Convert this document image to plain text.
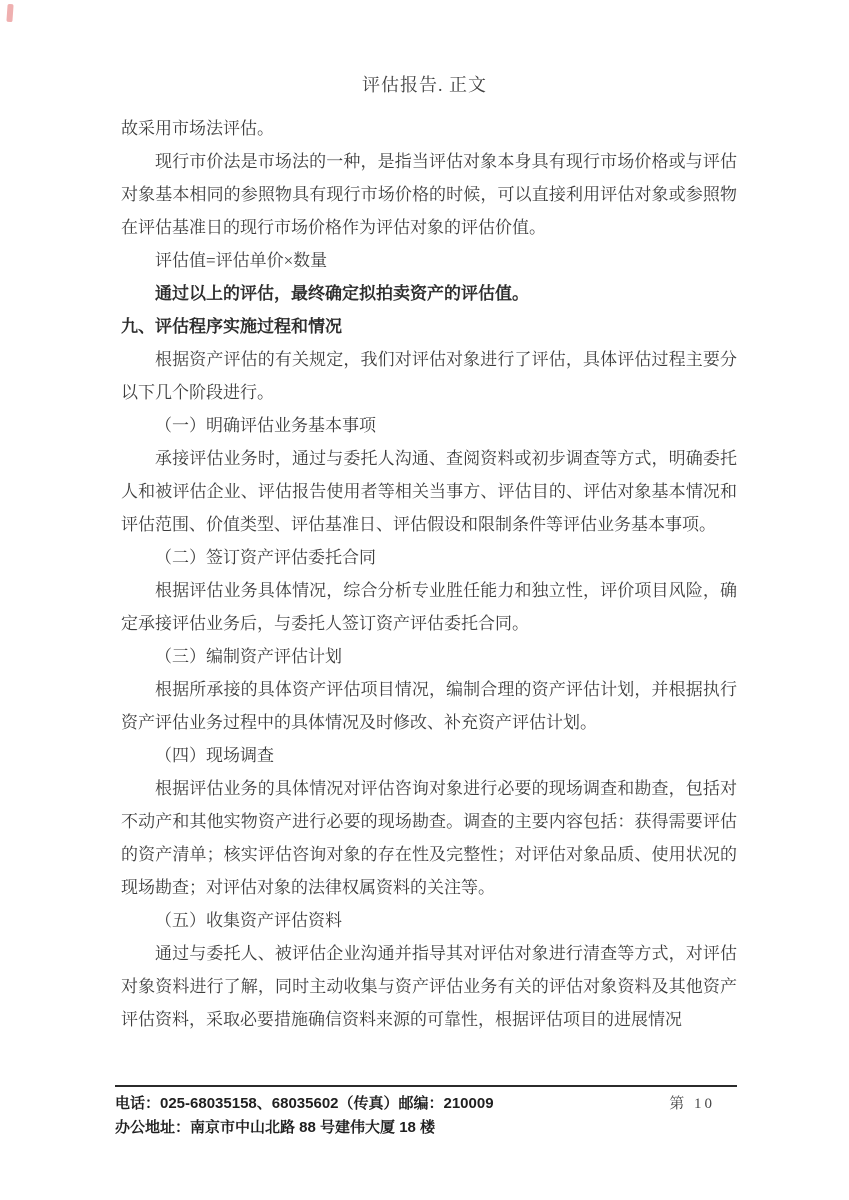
评估报告. 正文

故采用市场法评估。

现行市价法是市场法的一种，是指当评估对象本身具有现行市场价格或与评估对象基本相同的参照物具有现行市场价格的时候，可以直接利用评估对象或参照物在评估基准日的现行市场价格作为评估对象的评估价值。

评估值=评估单价×数量

通过以上的评估，最终确定拟拍卖资产的评估值。

九、评估程序实施过程和情况

根据资产评估的有关规定，我们对评估对象进行了评估，具体评估过程主要分以下几个阶段进行。

（一）明确评估业务基本事项

承接评估业务时，通过与委托人沟通、查阅资料或初步调查等方式，明确委托人和被评估企业、评估报告使用者等相关当事方、评估目的、评估对象基本情况和评估范围、价值类型、评估基准日、评估假设和限制条件等评估业务基本事项。

（二）签订资产评估委托合同

根据评估业务具体情况，综合分析专业胜任能力和独立性，评价项目风险，确定承接评估业务后，与委托人签订资产评估委托合同。

（三）编制资产评估计划

根据所承接的具体资产评估项目情况，编制合理的资产评估计划，并根据执行资产评估业务过程中的具体情况及时修改、补充资产评估计划。

（四）现场调查

根据评估业务的具体情况对评估咨询对象进行必要的现场调查和勘查，包括对不动产和其他实物资产进行必要的现场勘查。调查的主要内容包括：获得需要评估的资产清单；核实评估咨询对象的存在性及完整性；对评估对象品质、使用状况的现场勘查；对评估对象的法律权属资料的关注等。

（五）收集资产评估资料

通过与委托人、被评估企业沟通并指导其对评估对象进行清查等方式，对评估对象资料进行了解，同时主动收集与资产评估业务有关的评估对象资料及其他资产评估资料，采取必要措施确信资料来源的可靠性，根据评估项目的进展情况

电话：025-68035158、68035602（传真）邮编：210009	第 10
办公地址：南京市中山北路 88 号建伟大厦 18 楼
